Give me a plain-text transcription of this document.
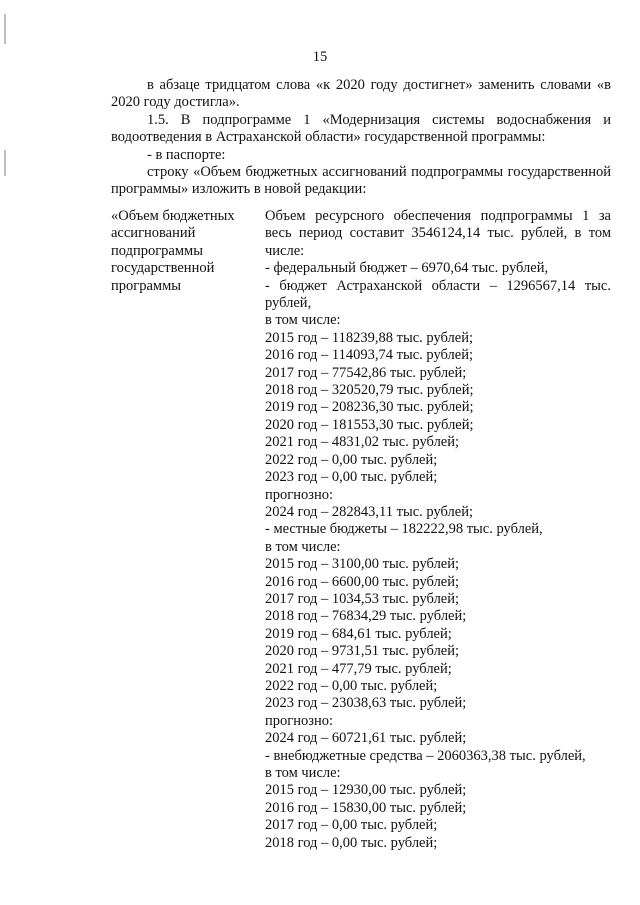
15
в абзаце тридцатом слова «к 2020 году достигнет» заменить словами «в 2020 году достигла».
1.5. В подпрограмме 1 «Модернизация системы водоснабжения и водоотведения в Астраханской области» государственной программы:
- в паспорте:
строку «Объем бюджетных ассигнований подпрограммы государственной программы» изложить в новой редакции:
«Объем бюджетных ассигнований подпрограммы государственной программы
Объем ресурсного обеспечения подпрограммы 1 за весь период составит 3546124,14 тыс. рублей, в том числе:
- федеральный бюджет – 6970,64 тыс. рублей,
- бюджет Астраханской области – 1296567,14 тыс. рублей,
в том числе:
2015 год – 118239,88 тыс. рублей;
2016 год – 114093,74 тыс. рублей;
2017 год – 77542,86 тыс. рублей;
2018 год – 320520,79 тыс. рублей;
2019 год – 208236,30 тыс. рублей;
2020 год – 181553,30 тыс. рублей;
2021 год – 4831,02 тыс. рублей;
2022 год – 0,00 тыс. рублей;
2023 год – 0,00 тыс. рублей;
прогнозно:
2024 год – 282843,11 тыс. рублей;
- местные бюджеты – 182222,98 тыс. рублей,
в том числе:
2015 год – 3100,00 тыс. рублей;
2016 год – 6600,00 тыс. рублей;
2017 год – 1034,53 тыс. рублей;
2018 год – 76834,29 тыс. рублей;
2019 год – 684,61 тыс. рублей;
2020 год – 9731,51 тыс. рублей;
2021 год – 477,79 тыс. рублей;
2022 год – 0,00 тыс. рублей;
2023 год – 23038,63 тыс. рублей;
прогнозно:
2024 год – 60721,61 тыс. рублей;
- внебюджетные средства – 2060363,38 тыс. рублей,
в том числе:
2015 год – 12930,00 тыс. рублей;
2016 год – 15830,00 тыс. рублей;
2017 год – 0,00 тыс. рублей;
2018 год – 0,00 тыс. рублей;
